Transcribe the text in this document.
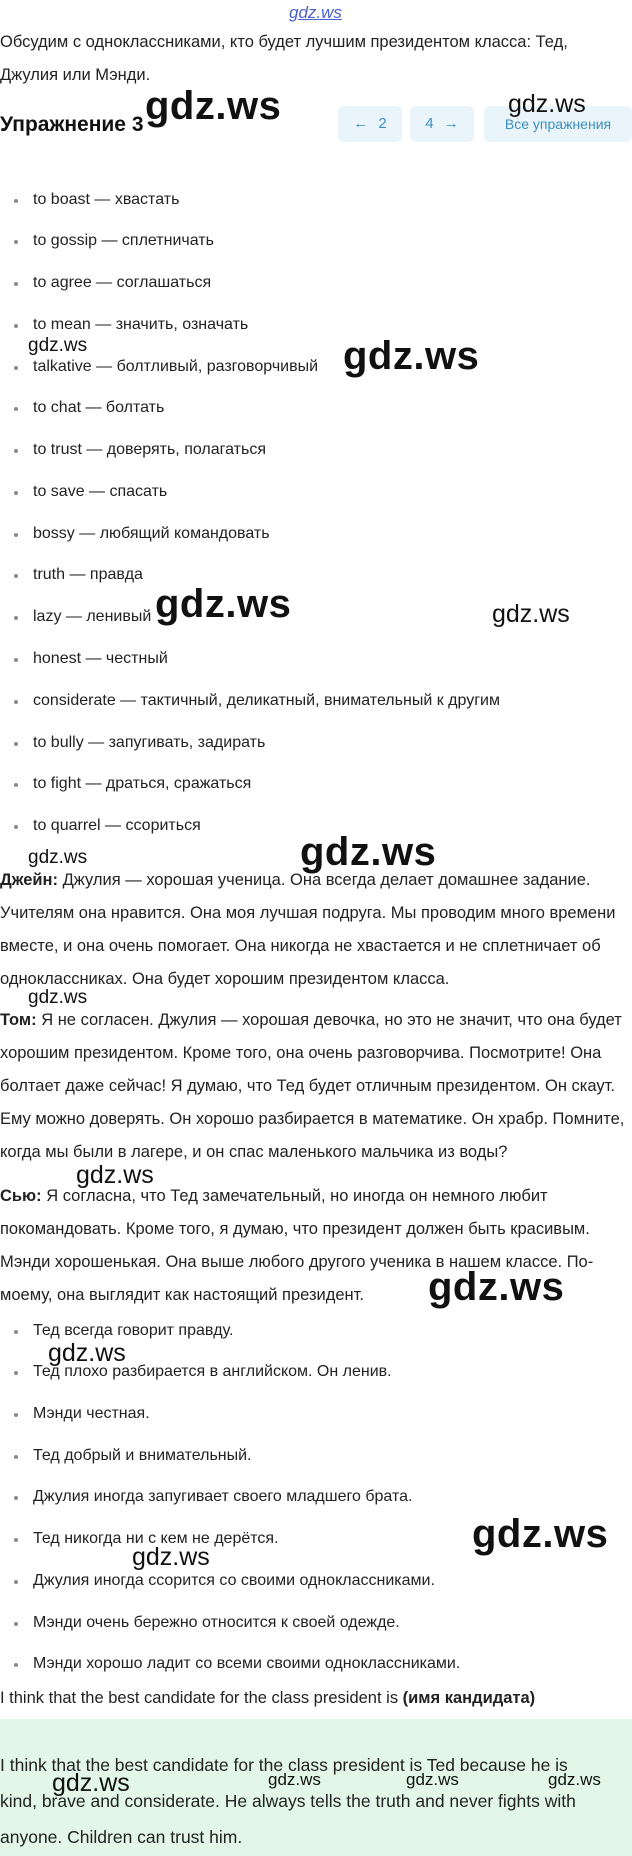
gdz.ws
Обсудим с одноклассниками, кто будет лучшим президентом класса: Тед,
Джулия или Мэнди.
Упражнение 3	← 2	4 →	Все упражнения
to boast — хвастать
to gossip — сплетничать
to agree — соглашаться
to mean — значить, означать
talkative — болтливый, разговорчивый
to chat — болтать
to trust — доверять, полагаться
to save — спасать
bossy — любящий командовать
truth — правда
lazy — ленивый
honest — честный
considerate — тактичный, деликатный, внимательный к другим
to bully — запугивать, задирать
to fight — драться, сражаться
to quarrel — ссориться
Джейн: Джулия — хорошая ученица. Она всегда делает домашнее задание.
Учителям она нравится. Она моя лучшая подруга. Мы проводим много времени
вместе, и она очень помогает. Она никогда не хвастается и не сплетничает об
одноклассниках. Она будет хорошим президентом класса.
Том: Я не согласен. Джулия — хорошая девочка, но это не значит, что она будет
хорошим президентом. Кроме того, она очень разговорчива. Посмотрите! Она
болтает даже сейчас! Я думаю, что Тед будет отличным президентом. Он скаут.
Ему можно доверять. Он хорошо разбирается в математике. Он храбр. Помните,
когда мы были в лагере, и он спас маленького мальчика из воды?
Сью: Я согласна, что Тед замечательный, но иногда он немного любит
покомандовать. Кроме того, я думаю, что президент должен быть красивым.
Мэнди хорошенькая. Она выше любого другого ученика в нашем классе. По-
моему, она выглядит как настоящий президент.
Тед всегда говорит правду.
Тед плохо разбирается в английском. Он ленив.
Мэнди честная.
Тед добрый и внимательный.
Джулия иногда запугивает своего младшего брата.
Тед никогда ни с кем не дерётся.
Джулия иногда ссорится со своими одноклассниками.
Мэнди очень бережно относится к своей одежде.
Мэнди хорошо ладит со всеми своими одноклассниками.
I think that the best candidate for the class president is (имя кандидата)
I think that the best candidate for the class president is Ted because he is
kind, brave and considerate. He always tells the truth and never fights with
anyone. Children can trust him.
gdz.ws	gdz.ws
gdz.ws	gdz.ws
gdz.ws	gdz.ws
gdz.ws	gdz.ws
gdz.ws
gdz.ws
gdz.ws
gdz.ws
gdz.ws
gdz.ws
gdz.ws	gdz.ws	gdz.ws	gdz.ws
